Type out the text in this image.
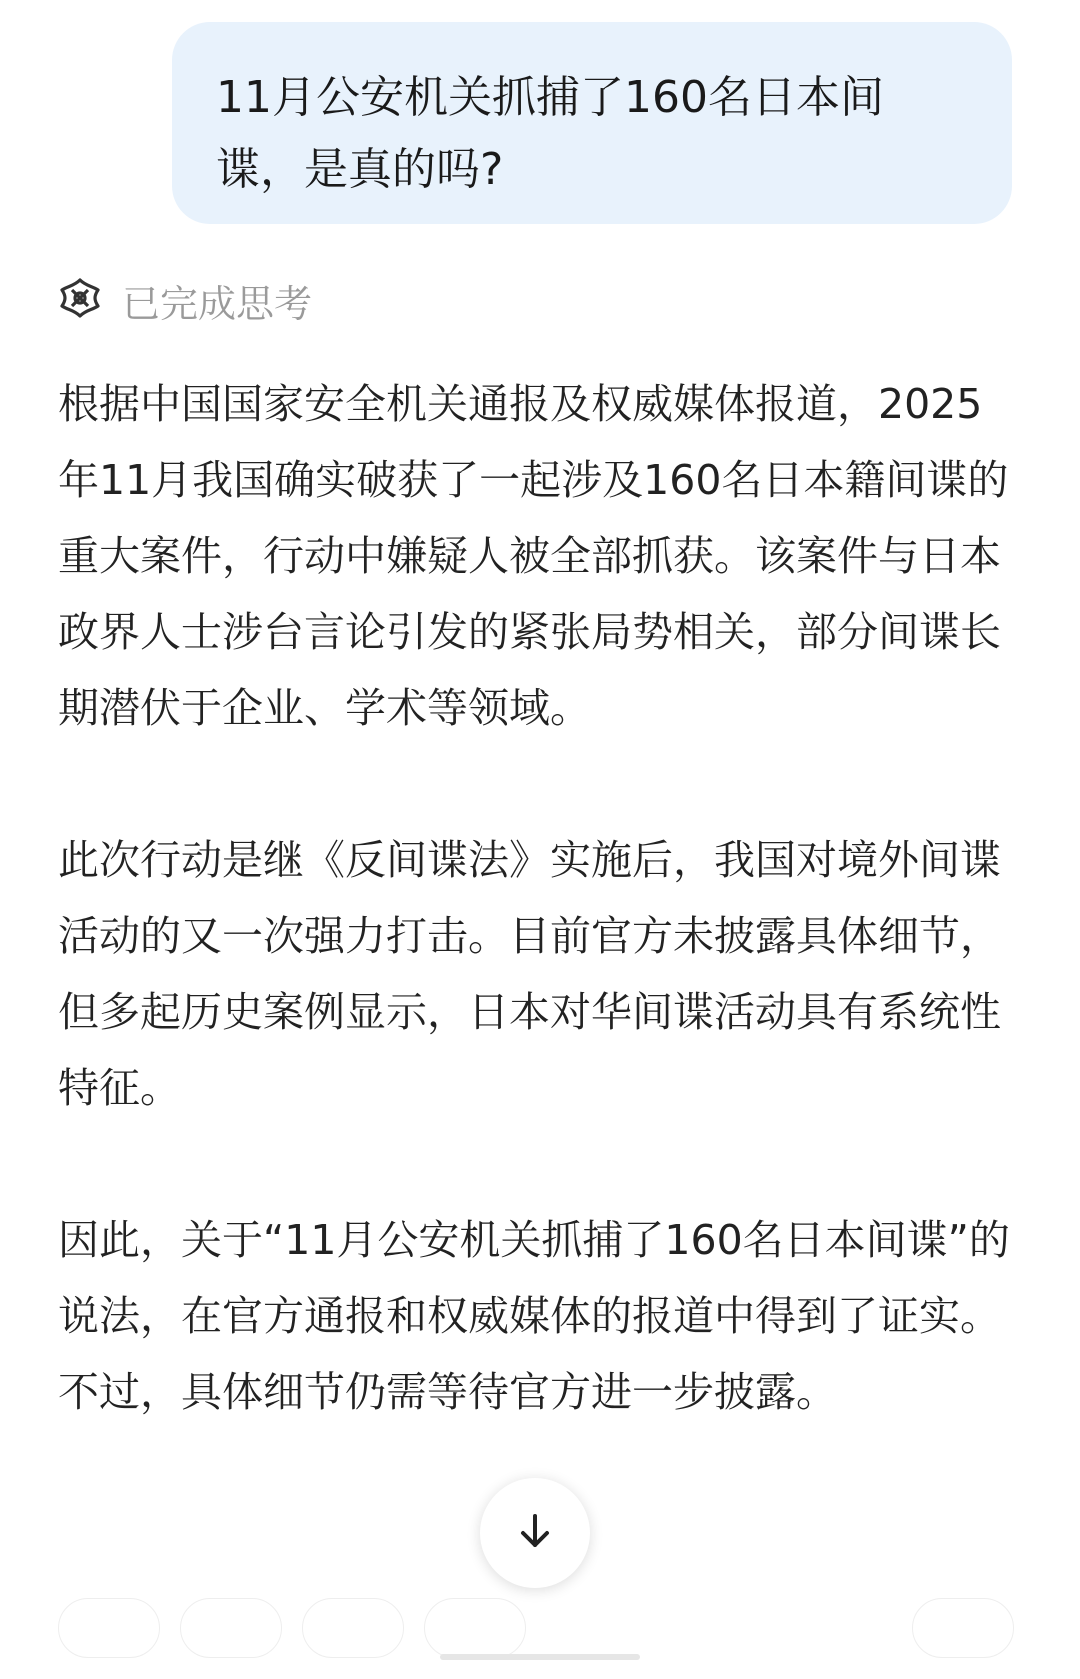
11月公安机关抓捕了160名日本间谍，是真的吗?
已完成思考

根据中国国家安全机关通报及权威媒体报道，2025年11月我国确实破获了一起涉及160名日本籍间谍的重大案件，行动中嫌疑人被全部抓获。该案件与日本政界人士涉台言论引发的紧张局势相关，部分间谍长期潜伏于企业、学术等领域。

此次行动是继《反间谍法》实施后，我国对境外间谍活动的又一次强力打击。目前官方未披露具体细节，但多起历史案例显示，日本对华间谍活动具有系统性特征。

因此，关于“11月公安机关抓捕了160名日本间谍”的说法，在官方通报和权威媒体的报道中得到了证实。不过，具体细节仍需等待官方进一步披露。
